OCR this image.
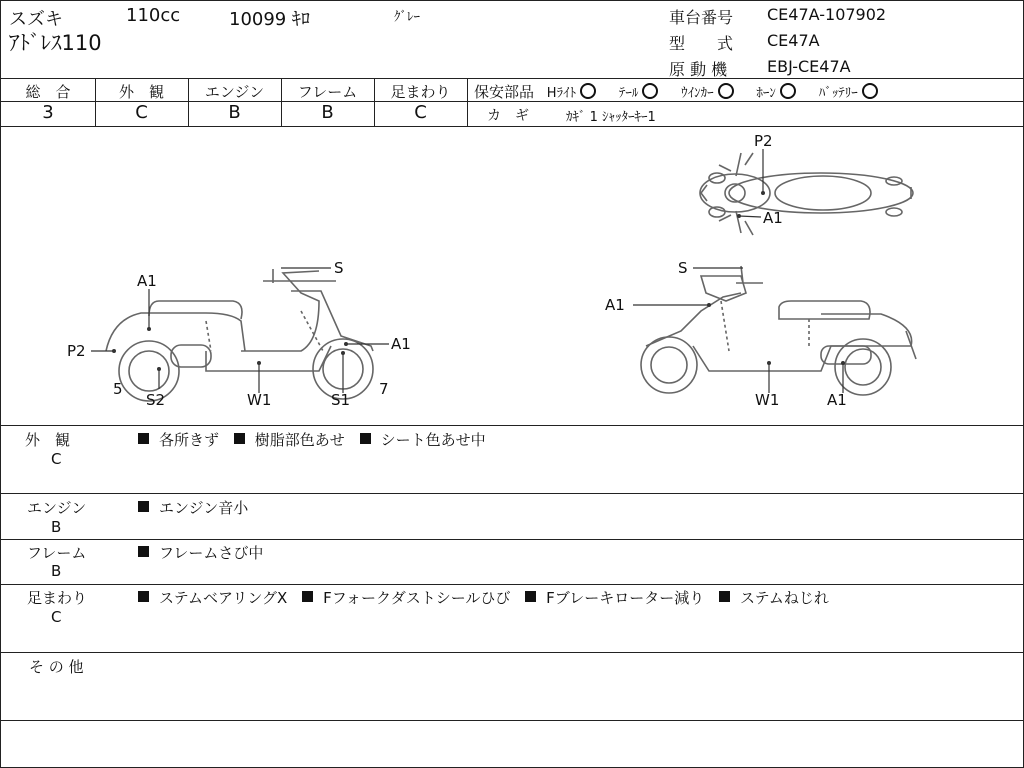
スズキ	110cc	10099 ｷﾛ	ｸﾞﾚｰ
ｱﾄﾞﾚｽ110
車台番号 CE47A-107902
型　　式 CE47A
原 動 機 EBJ-CE47A
総　合
3
外　観
C
エンジン
B
フレーム
B
足まわり
C
保安部品 Hﾗｲﾄ	ﾃｰﾙ	ｳｲﾝｶｰ	ﾎｰﾝ	ﾊﾞｯﾃﾘｰ
カ　ギ	ｶｷﾞ 1 ｼｬｯﾀｰｷｰ1
P2
A1
A1
S
P2	A1
5
S2	W1	S1
7
S
A1
W1	A1
外　観
C
各所きず 樹脂部色あせ シート色あせ中
エンジン
B
エンジン音小
フレーム
B
フレームさび中
足まわり
C
ステムベアリングX Fフォークダストシールひび Fブレーキローター減り ステムねじれ
そ の 他
